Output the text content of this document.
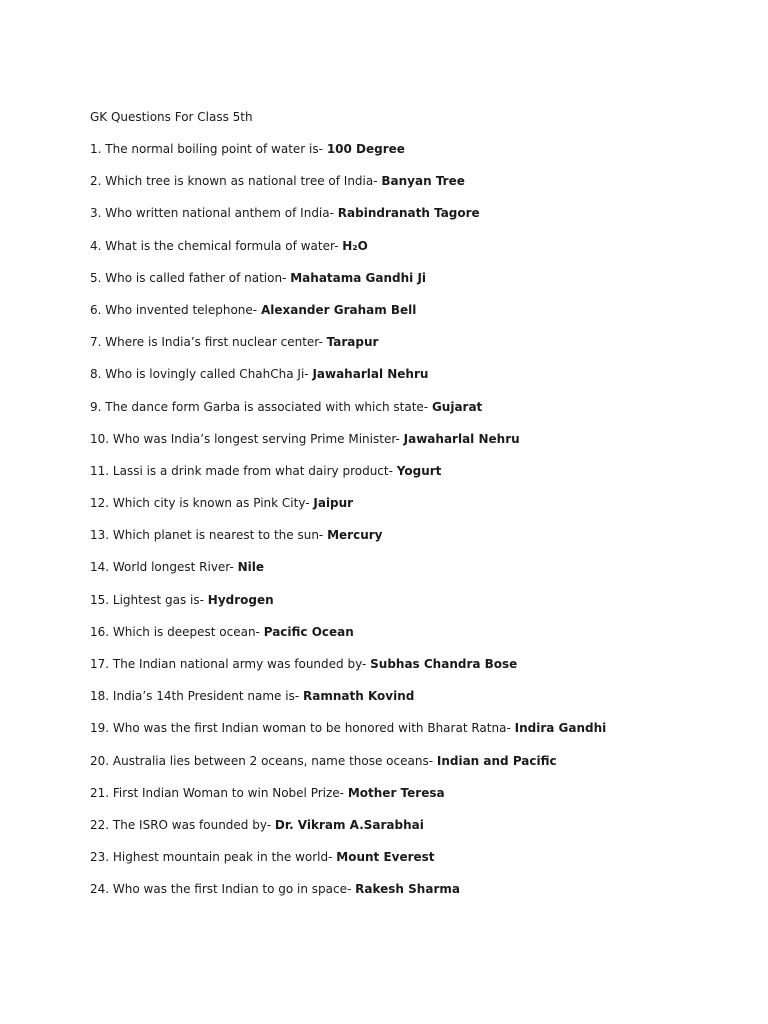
GK Questions For Class 5th
1. The normal boiling point of water is- 100 Degree
2. Which tree is known as national tree of India- Banyan Tree
3. Who written national anthem of India- Rabindranath Tagore
4. What is the chemical formula of water- H₂O
5. Who is called father of nation- Mahatama Gandhi Ji
6. Who invented telephone- Alexander Graham Bell
7. Where is India’s first nuclear center- Tarapur
8. Who is lovingly called ChahCha Ji- Jawaharlal Nehru
9. The dance form Garba is associated with which state- Gujarat
10. Who was India’s longest serving Prime Minister- Jawaharlal Nehru
11. Lassi is a drink made from what dairy product- Yogurt
12. Which city is known as Pink City- Jaipur
13. Which planet is nearest to the sun- Mercury
14. World longest River- Nile
15. Lightest gas is- Hydrogen
16. Which is deepest ocean- Pacific Ocean
17. The Indian national army was founded by- Subhas Chandra Bose
18. India’s 14th President name is- Ramnath Kovind
19. Who was the first Indian woman to be honored with Bharat Ratna- Indira Gandhi
20. Australia lies between 2 oceans, name those oceans- Indian and Pacific
21. First Indian Woman to win Nobel Prize- Mother Teresa
22. The ISRO was founded by- Dr. Vikram A.Sarabhai
23. Highest mountain peak in the world- Mount Everest
24. Who was the first Indian to go in space- Rakesh Sharma
